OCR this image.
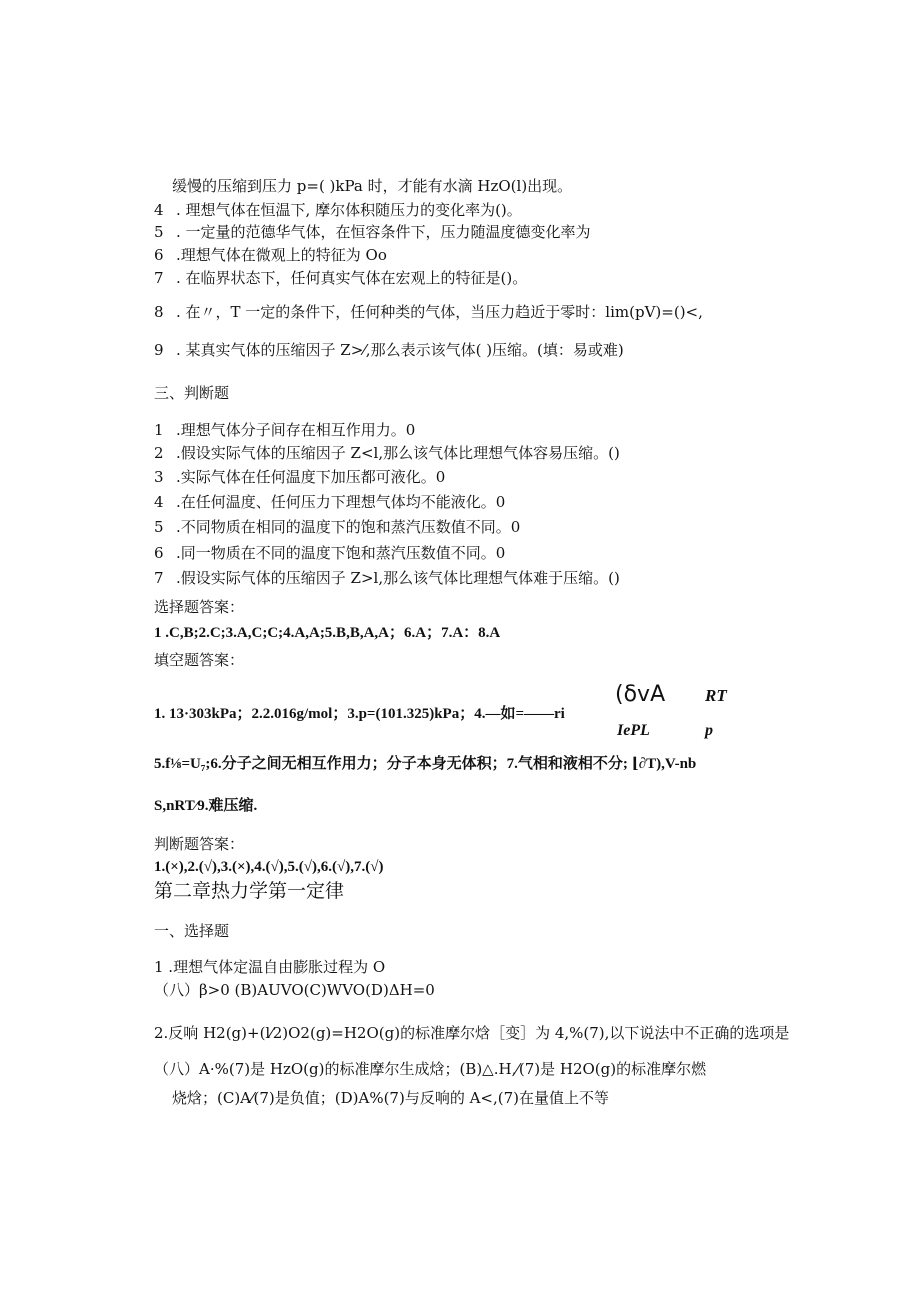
缓慢的压缩到压力 p=( )kPa 时，才能有水滴 HzO(l)出现。
4 . 理想气体在恒温下, 摩尔体积随压力的变化率为()。
5 . 一定量的范德华气体，在恒容条件下，压力随温度德变化率为
6 .理想气体在微观上的特征为 Oo
7 . 在临界状态下，任何真实气体在宏观上的特征是()。
8 . 在〃，T 一定的条件下，任何种类的气体，当压力趋近于零时：lim(pV)=()<,
9 . 某真实气体的压缩因子 Z>⁄,那么表示该气体( )压缩。(填：易或难)
三、判断题
1 .理想气体分子间存在相互作用力。0
2 .假设实际气体的压缩因子 Z<l,那么该气体比理想气体容易压缩。()
3 .实际气体在任何温度下加压都可液化。0
4 .在任何温度、任何压力下理想气体均不能液化。0
5 .不同物质在相同的温度下的饱和蒸汽压数值不同。0
6 .同一物质在不同的温度下饱和蒸汽压数值不同。0
7 .假设实际气体的压缩因子 Z>l,那么该气体比理想气体难于压缩。()
选择题答案：
1 .C,B;2.C;3.A,C;C;4.A,A;5.B,B,A,A；6.A；7.A：8.A
填空题答案：
(δvA RT
1. 13·303kPa；2.2.016g/mol；3.p=(101.325)kPa；4.—如=——ri
IePL	p
5.f⅛=U₇;6.分子之间无相互作用力；分子本身无体积；7.气相和液相不分; ⌊∂T),V-nb
S,nRT⁄9.难压缩.
判断题答案：
1.(×),2.(√),3.(×),4.(√),5.(√),6.(√),7.(√)
第二章热力学第一定律
一、选择题
1 .理想气体定温自由膨胀过程为 O
（八）β>0 (B)AUVO(C)WVO(D)ΔH=0
2.反响 H2(g)+(l⁄2)O2(g)=H2O(g)的标准摩尔焓［变］为 4,%(7),以下说法中不正确的选项是
（八）A·%(7)是 HzO(g)的标准摩尔生成焓；(B)△.H,⁄(7)是 H2O(g)的标准摩尔燃
烧焓；(C)A⁄(7)是负值；(D)A%(7)与反响的 A<,(7)在量值上不等
